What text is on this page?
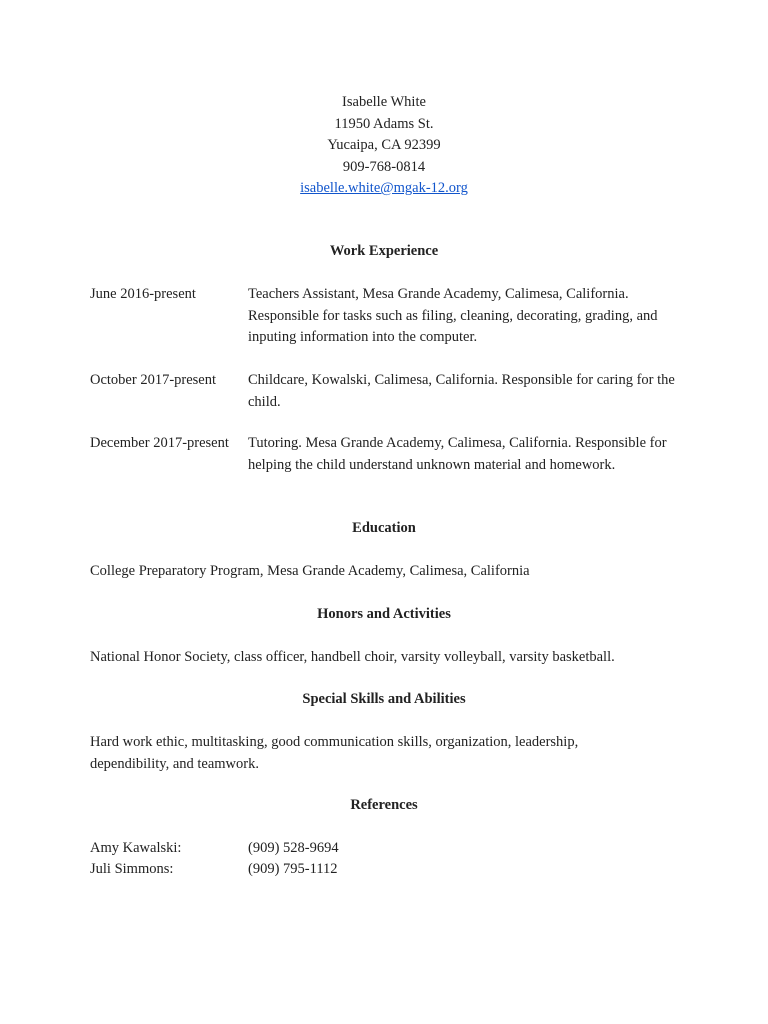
Isabelle White
11950 Adams St.
Yucaipa, CA 92399
909-768-0814
isabelle.white@mgak-12.org
Work Experience
June 2016-present	Teachers Assistant, Mesa Grande Academy, Calimesa, California. Responsible for tasks such as filing, cleaning, decorating, grading, and inputing information into the computer.
October 2017-present	Childcare, Kowalski, Calimesa, California. Responsible for caring for the child.
December 2017-present	Tutoring. Mesa Grande Academy, Calimesa, California. Responsible for helping the child understand unknown material and homework.
Education
College Preparatory Program, Mesa Grande Academy, Calimesa, California
Honors and Activities
National Honor Society, class officer, handbell choir, varsity volleyball, varsity basketball.
Special Skills and Abilities
Hard work ethic, multitasking, good communication skills, organization, leadership, dependibility, and teamwork.
References
Amy Kawalski:	(909) 528-9694
Juli Simmons:	(909) 795-1112
